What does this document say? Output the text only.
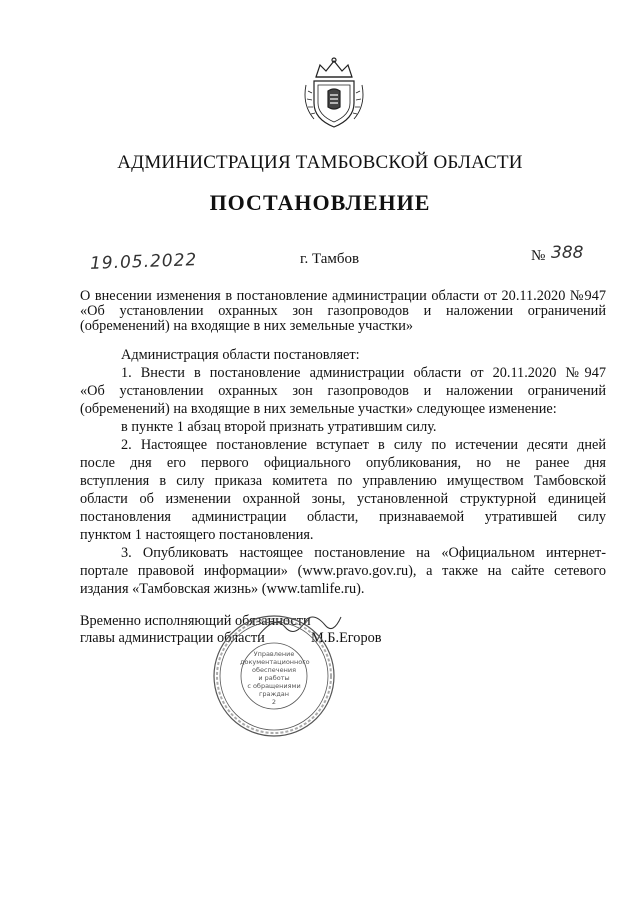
АДМИНИСТРАЦИЯ ТАМБОВСКОЙ ОБЛАСТИ
ПОСТАНОВЛЕНИЕ
19.05.2022	г. Тамбов	№ 388
О внесении изменения в постановление администрации области от 20.11.2020 №947 «Об установлении охранных зон газопроводов и наложении ограничений (обременений) на входящие в них земельные участки»
Администрация области постановляет:
1. Внести в постановление администрации области от 20.11.2020 №947
«Об установлении охранных зон газопроводов и наложении ограничений
(обременений) на входящие в них земельные участки» следующее изменение:
в пункте 1 абзац второй признать утратившим силу.
2. Настоящее постановление вступает в силу по истечении десяти дней
после дня его первого официального опубликования, но не ранее дня
вступления в силу приказа комитета по управлению имуществом Тамбовской
области об изменении охранной зоны, установленной структурной единицей
постановления администрации области, признаваемой утратившей силу
пунктом 1 настоящего постановления.
3. Опубликовать настоящее постановление на «Официальном интернет-
портале правовой информации» (www.pravo.gov.ru), а также на сайте сетевого
издания «Тамбовская жизнь» (www.tamlife.ru).
Временно исполняющий обязанности
главы администрации области	М.Б.Егоров
Управление
документационного
обеспечения
и работы
с обращениями
граждан
2
